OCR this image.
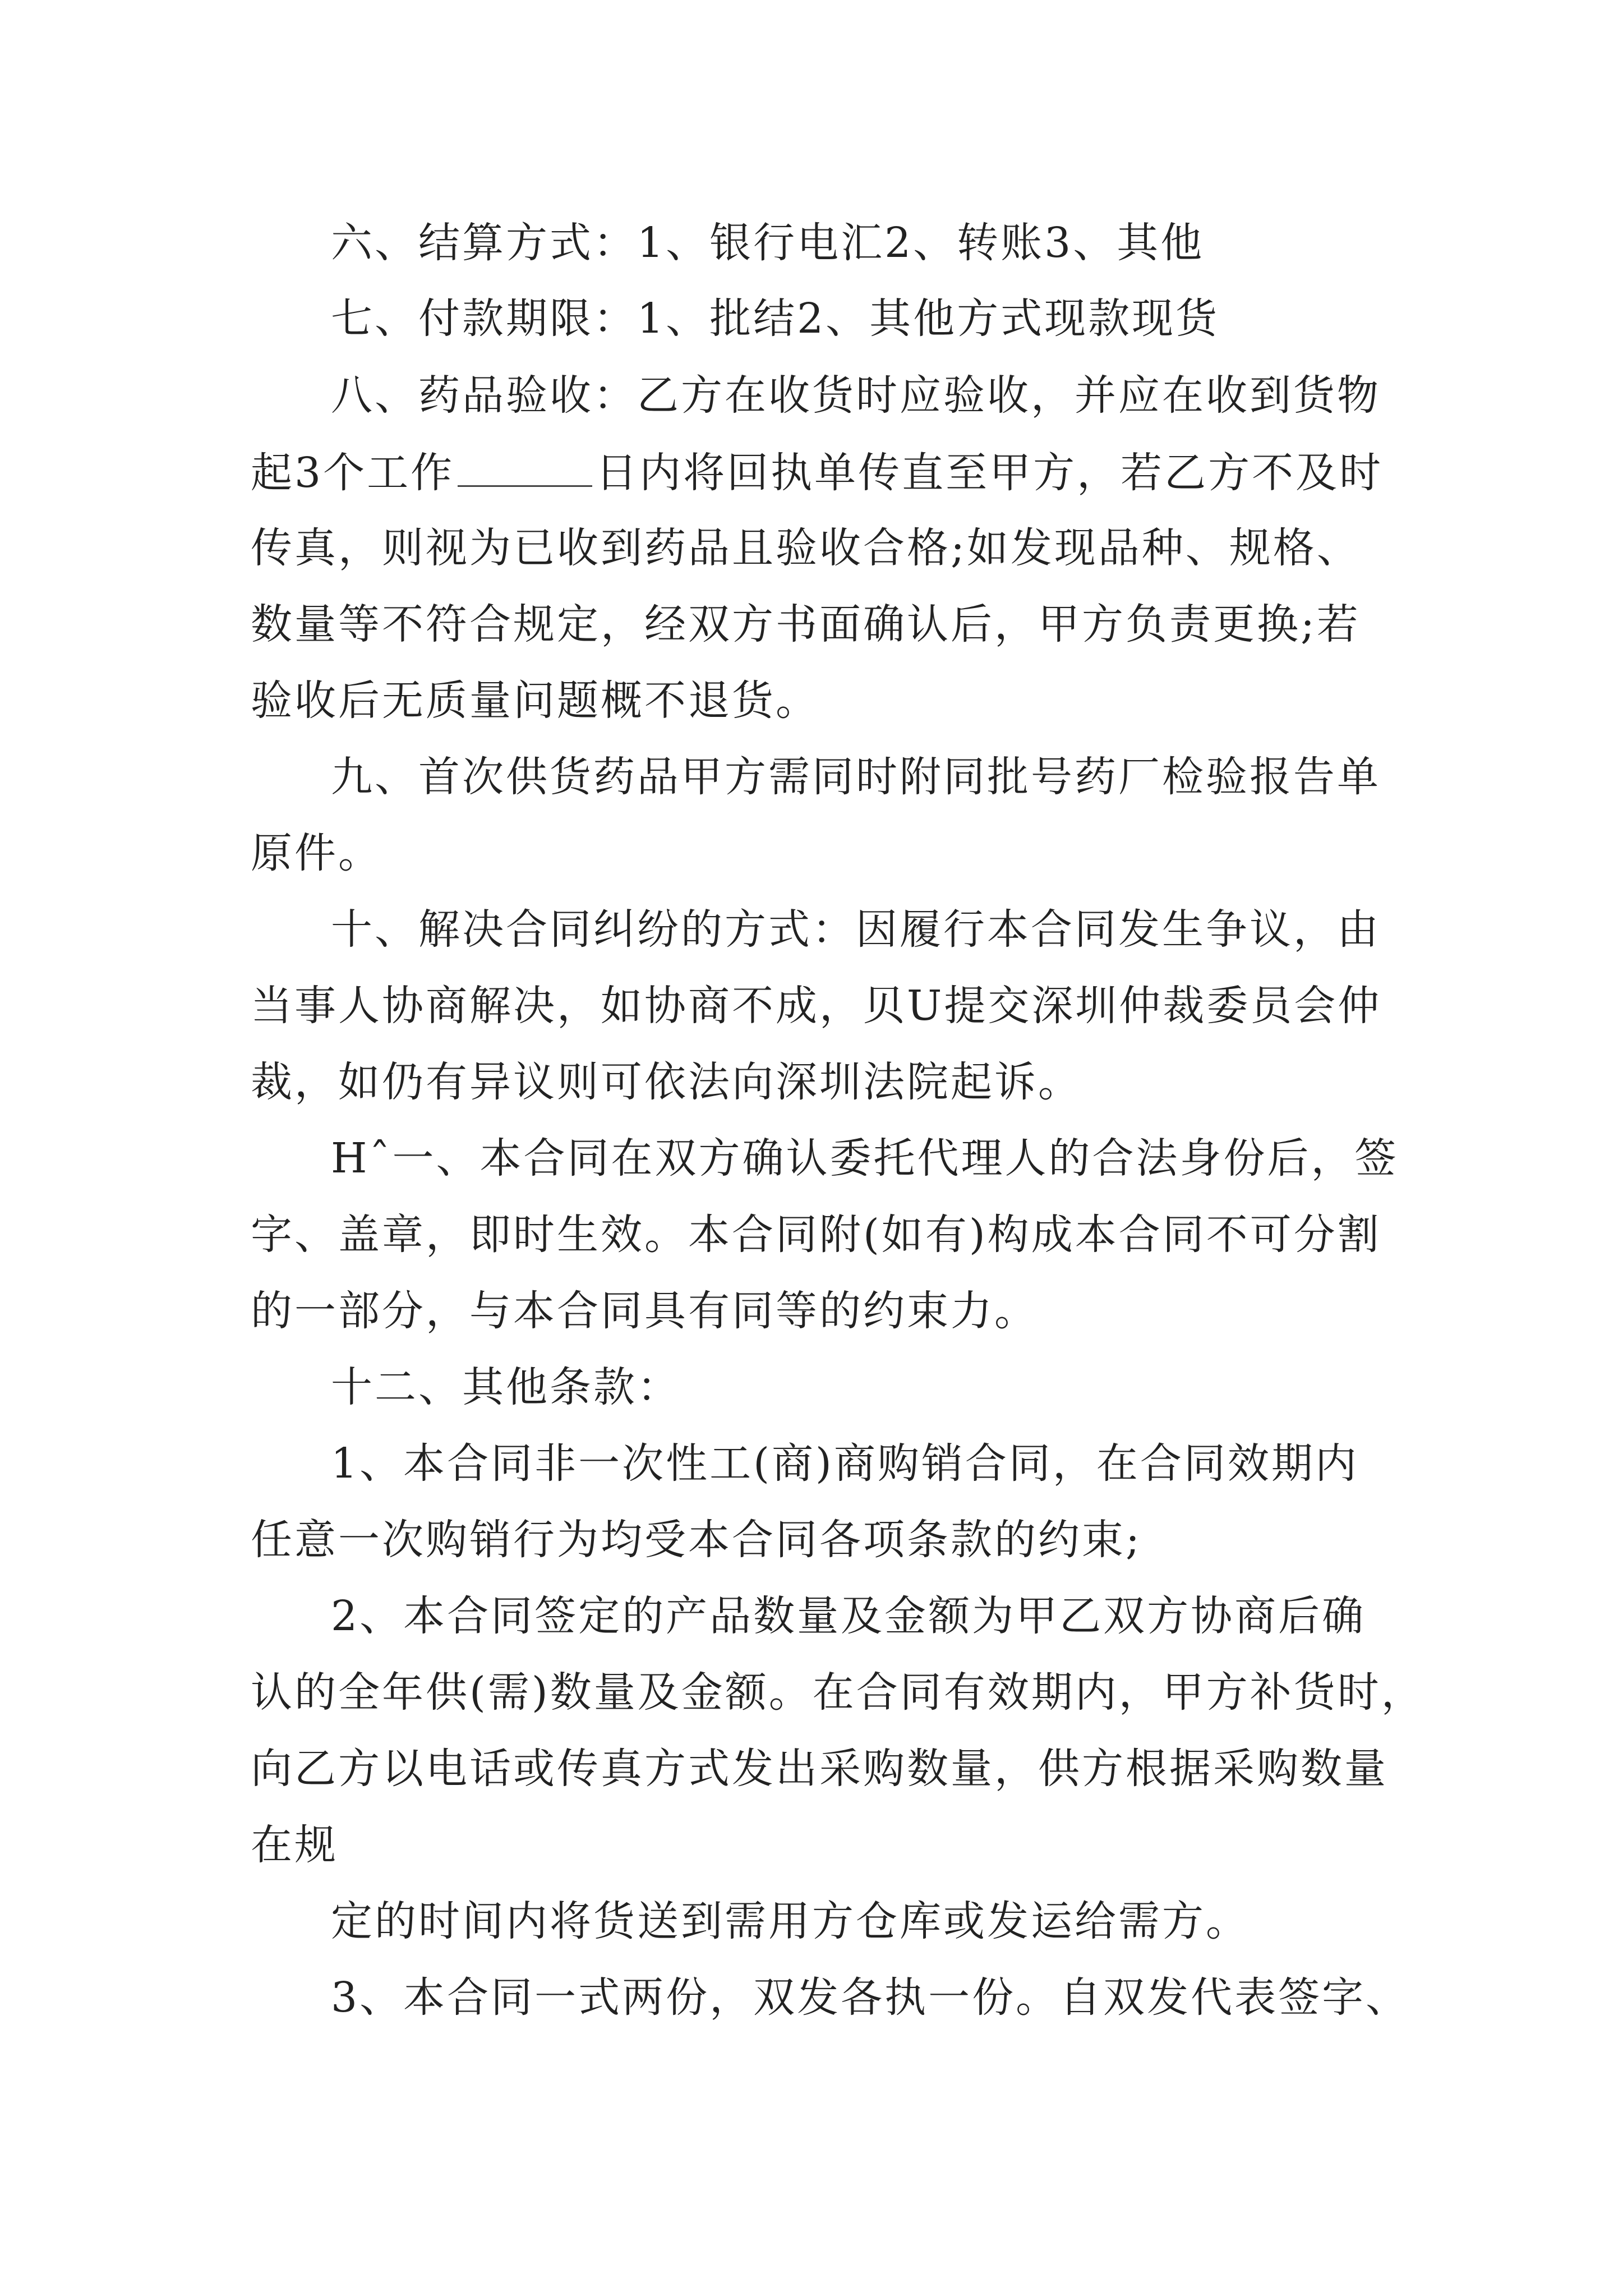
六、结算方式：1、银行电汇2、转账3、其他
七、付款期限：1、批结2、其他方式现款现货
八、药品验收：乙方在收货时应验收，并应在收到货物
起3个工作	日内将回执单传直至甲方，若乙方不及时
传真，则视为已收到药品且验收合格;如发现品种、规格、
数量等不符合规定，经双方书面确认后，甲方负责更换;若
验收后无质量问题概不退货。
九、首次供货药品甲方需同时附同批号药厂检验报告单
原件。
十、解决合同纠纷的方式：因履行本合同发生争议，由
当事人协商解决，如协商不成，贝U提交深圳仲裁委员会仲
裁，如仍有异议则可依法向深圳法院起诉。
Hˆ一、本合同在双方确认委托代理人的合法身份后，签
字、盖章，即时生效。本合同附(如有)构成本合同不可分割
的一部分，与本合同具有同等的约束力。
十二、其他条款：
1、本合同非一次性工(商)商购销合同，在合同效期内
任意一次购销行为均受本合同各项条款的约束;
2、本合同签定的产品数量及金额为甲乙双方协商后确
认的全年供(需)数量及金额。在合同有效期内，甲方补货时，
向乙方以电话或传真方式发出采购数量，供方根据采购数量
在规
定的时间内将货送到需用方仓库或发运给需方。
3、本合同一式两份，双发各执一份。自双发代表签字、
